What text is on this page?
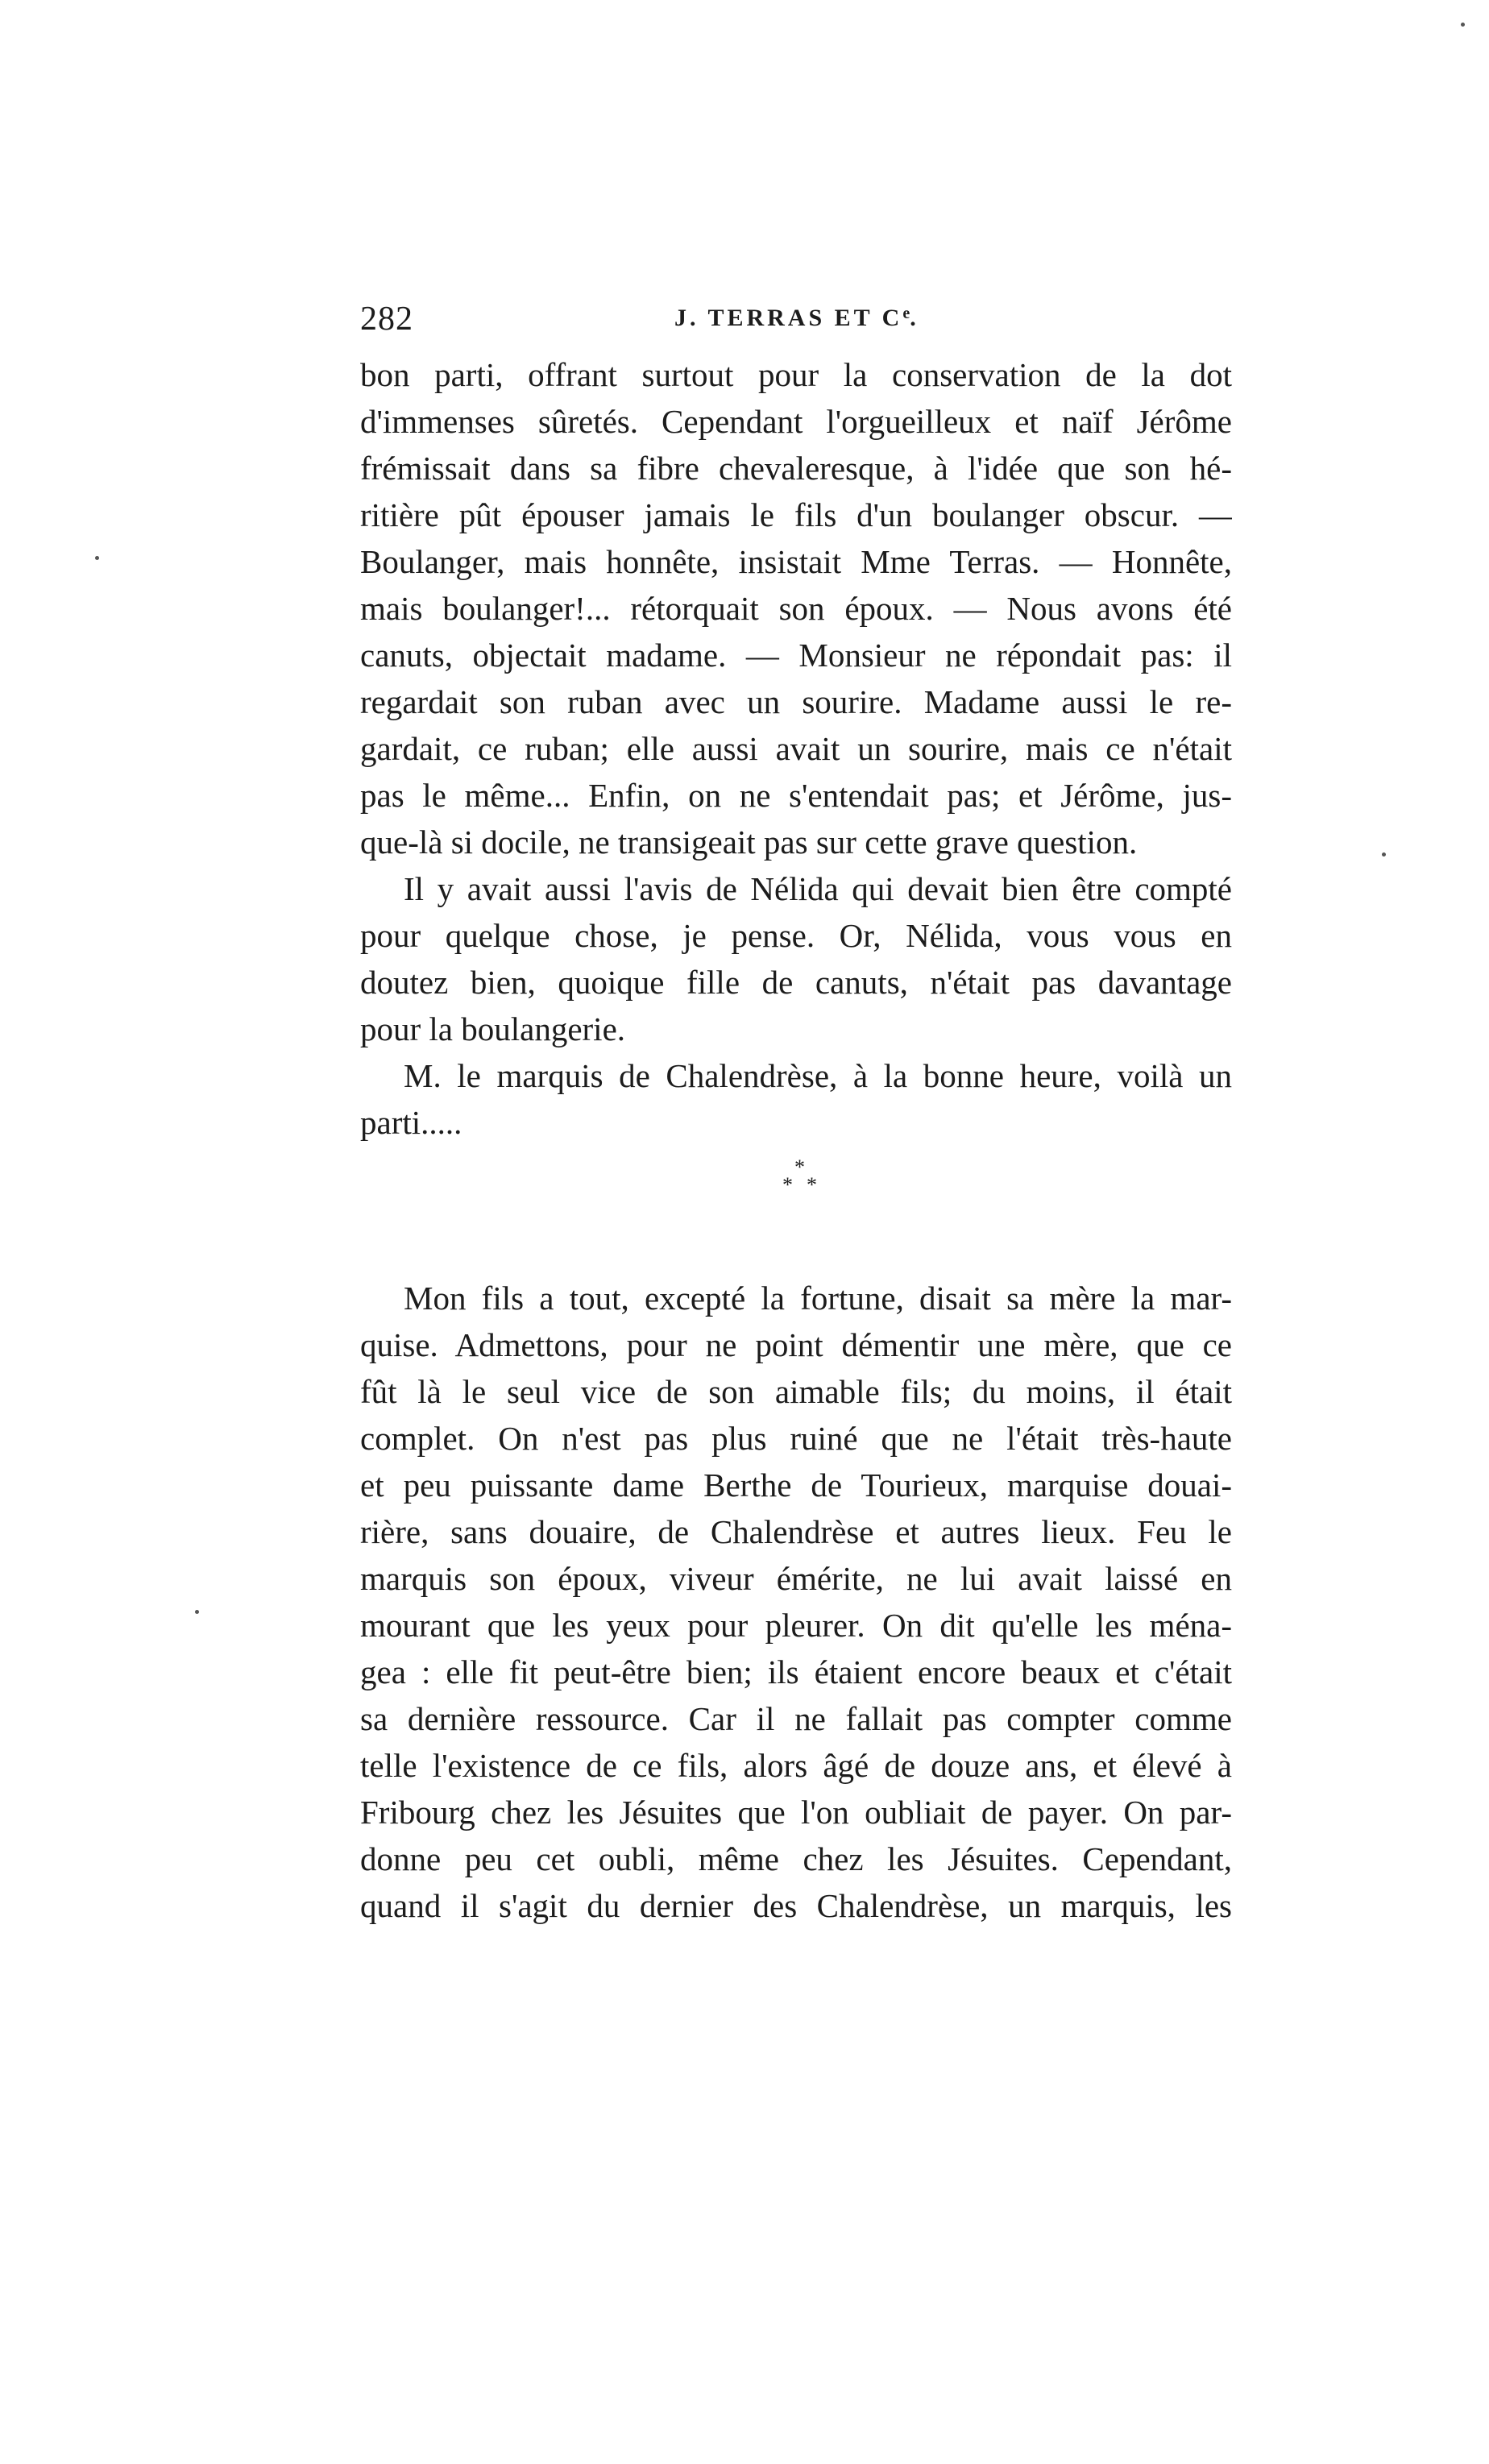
282	J. TERRAS ET Ce.
bon parti, offrant surtout pour la conservation de la dot
d'immenses sûretés. Cependant l'orgueilleux et naïf Jérôme
frémissait dans sa fibre chevaleresque, à l'idée que son hé-
ritière pût épouser jamais le fils d'un boulanger obscur. —
Boulanger, mais honnête, insistait Mme Terras. — Honnête,
mais boulanger!... rétorquait son époux. — Nous avons été
canuts, objectait madame. — Monsieur ne répondait pas: il
regardait son ruban avec un sourire. Madame aussi le re-
gardait, ce ruban; elle aussi avait un sourire, mais ce n'était
pas le même... Enfin, on ne s'entendait pas; et Jérôme, jus-
que-là si docile, ne transigeait pas sur cette grave question.
Il y avait aussi l'avis de Nélida qui devait bien être compté
pour quelque chose, je pense. Or, Nélida, vous vous en
doutez bien, quoique fille de canuts, n'était pas davantage
pour la boulangerie.
M. le marquis de Chalendrèse, à la bonne heure, voilà un
parti.....
*
* *
Mon fils a tout, excepté la fortune, disait sa mère la mar-
quise. Admettons, pour ne point démentir une mère, que ce
fût là le seul vice de son aimable fils; du moins, il était
complet. On n'est pas plus ruiné que ne l'était très-haute
et peu puissante dame Berthe de Tourieux, marquise douai-
rière, sans douaire, de Chalendrèse et autres lieux. Feu le
marquis son époux, viveur émérite, ne lui avait laissé en
mourant que les yeux pour pleurer. On dit qu'elle les ména-
gea : elle fit peut-être bien; ils étaient encore beaux et c'était
sa dernière ressource. Car il ne fallait pas compter comme
telle l'existence de ce fils, alors âgé de douze ans, et élevé à
Fribourg chez les Jésuites que l'on oubliait de payer. On par-
donne peu cet oubli, même chez les Jésuites. Cependant,
quand il s'agit du dernier des Chalendrèse, un marquis, les
